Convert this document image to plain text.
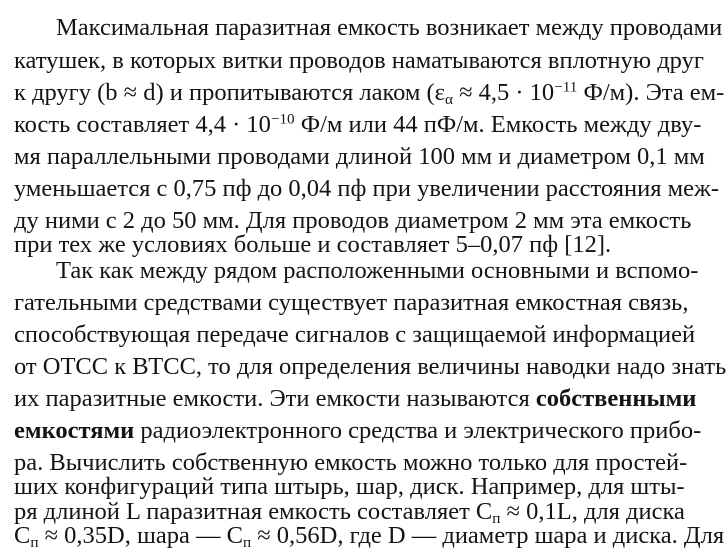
Максимальная паразитная емкость возникает между проводами
катушек, в которых витки проводов наматываются вплотную друг
к другу (b ≈ d) и пропитываются лаком ($\varepsilon_\alpha \approx 4,5 \cdot 10^{-11}$ Ф/м). Эта ем-
кость составляет $4,4 \cdot 10^{-10}$ Ф/м или 44 пФ/м. Емкость между дву-
мя параллельными проводами длиной 100 мм и диаметром 0,1 мм
уменьшается с 0,75 пф до 0,04 пф при увеличении расстояния меж-
ду ними с 2 до 50 мм. Для проводов диаметром 2 мм эта емкость
при тех же условиях больше и составляет 5–0,07 пф [12].
Так как между рядом расположенными основными и вспомо-
гательными средствами существует паразитная емкостная связь,
способствующая передаче сигналов с защищаемой информацией
от ОТСС к ВТСС, то для определения величины наводки надо знать
их паразитные емкости. Эти емкости называются собственными
емкостями радиоэлектронного средства и электрического прибо-
ра. Вычислить собственную емкость можно только для простей-
ших конфигураций типа штырь, шар, диск. Например, для шты-
ря длиной L паразитная емкость составляет $C_п \approx 0,1L$, для диска
$C_п \approx 0,35D$, шара — $C_п \approx 0,56D$, где D — диаметр шара и диска. Для
